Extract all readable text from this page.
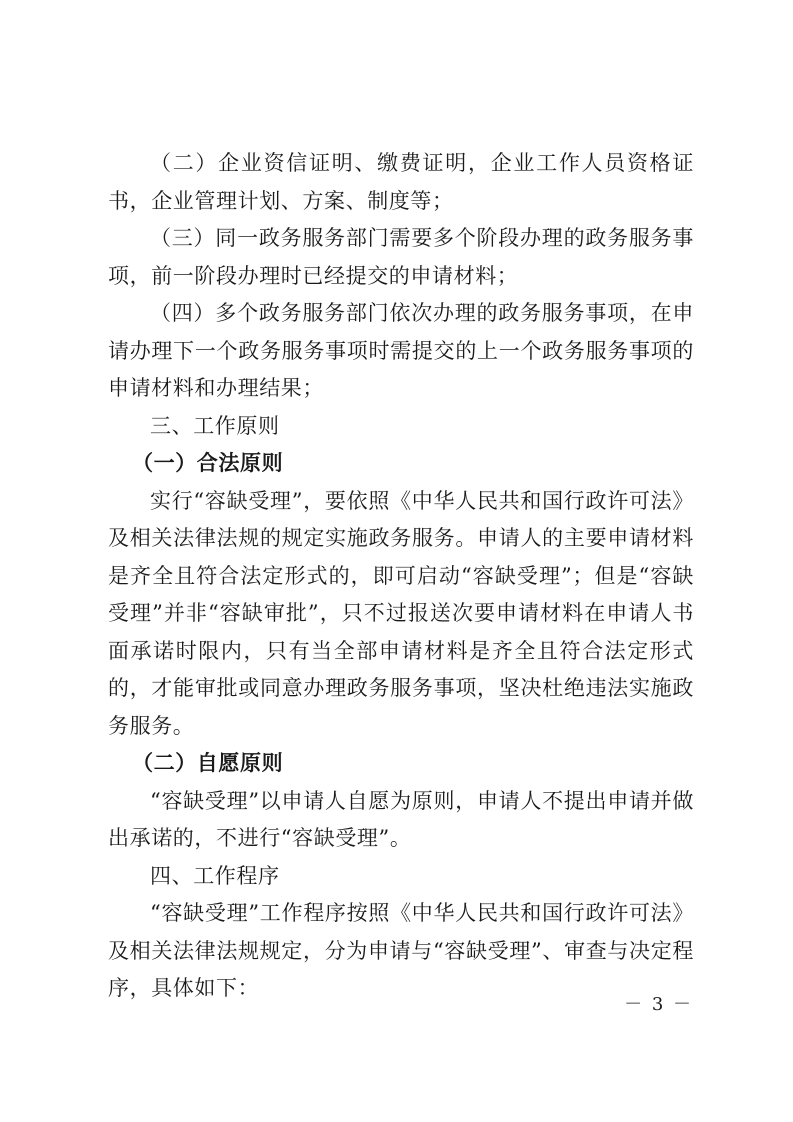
（二）企业资信证明、缴费证明，企业工作人员资格证书，企业管理计划、方案、制度等；

（三）同一政务服务部门需要多个阶段办理的政务服务事项，前一阶段办理时已经提交的申请材料；

（四）多个政务服务部门依次办理的政务服务事项，在申请办理下一个政务服务事项时需提交的上一个政务服务事项的申请材料和办理结果；

三、工作原则

（一）合法原则

实行“容缺受理”，要依照《中华人民共和国行政许可法》及相关法律法规的规定实施政务服务。申请人的主要申请材料是齐全且符合法定形式的，即可启动“容缺受理”；但是“容缺受理”并非“容缺审批”，只不过报送次要申请材料在申请人书面承诺时限内，只有当全部申请材料是齐全且符合法定形式的，才能审批或同意办理政务服务事项，坚决杜绝违法实施政务服务。

（二）自愿原则

“容缺受理”以申请人自愿为原则，申请人不提出申请并做出承诺的，不进行“容缺受理”。

四、工作程序

“容缺受理”工作程序按照《中华人民共和国行政许可法》及相关法律法规规定，分为申请与“容缺受理”、审查与决定程序，具体如下：

－ 3 －
